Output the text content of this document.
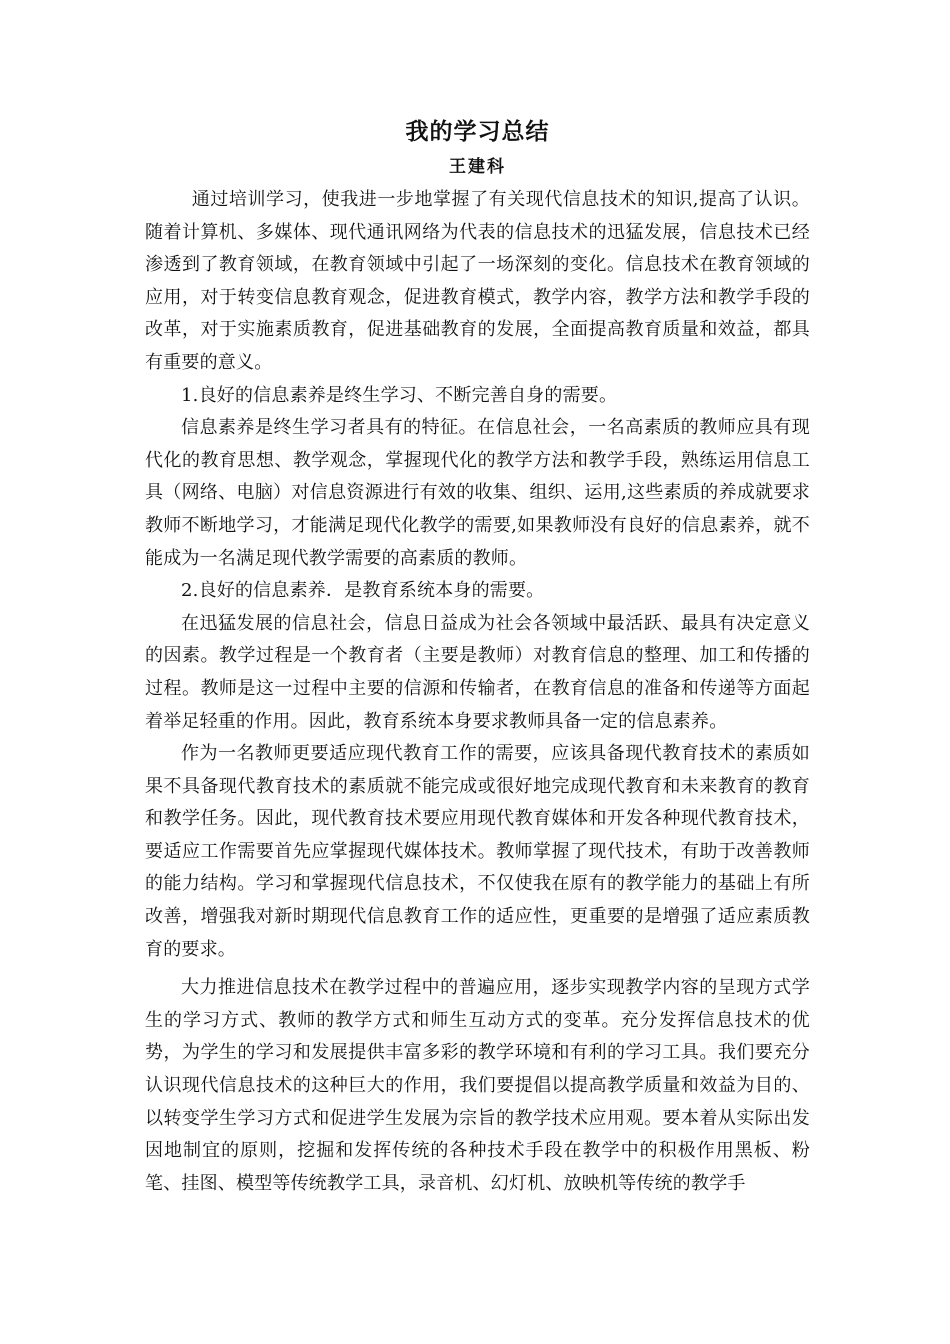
我的学习总结
王建科

通过培训学习，使我进一步地掌握了有关现代信息技术的知识,提高了认识。随着计算机、多媒体、现代通讯网络为代表的信息技术的迅猛发展，信息技术已经渗透到了教育领域，在教育领域中引起了一场深刻的变化。信息技术在教育领域的应用，对于转变信息教育观念，促进教育模式，教学内容，教学方法和教学手段的改革，对于实施素质教育，促进基础教育的发展，全面提高教育质量和效益，都具有重要的意义。

1.良好的信息素养是终生学习、不断完善自身的需要。

信息素养是终生学习者具有的特征。在信息社会，一名高素质的教师应具有现代化的教育思想、教学观念，掌握现代化的教学方法和教学手段，熟练运用信息工具（网络、电脑）对信息资源进行有效的收集、组织、运用,这些素质的养成就要求教师不断地学习，才能满足现代化教学的需要,如果教师没有良好的信息素养，就不能成为一名满足现代教学需要的高素质的教师。

2.良好的信息素养．是教育系统本身的需要。

在迅猛发展的信息社会，信息日益成为社会各领域中最活跃、最具有决定意义的因素。教学过程是一个教育者（主要是教师）对教育信息的整理、加工和传播的过程。教师是这一过程中主要的信源和传输者，在教育信息的准备和传递等方面起着举足轻重的作用。因此，教育系统本身要求教师具备一定的信息素养。

作为一名教师更要适应现代教育工作的需要，应该具备现代教育技术的素质如果不具备现代教育技术的素质就不能完成或很好地完成现代教育和未来教育的教育和教学任务。因此，现代教育技术要应用现代教育媒体和开发各种现代教育技术，要适应工作需要首先应掌握现代媒体技术。教师掌握了现代技术，有助于改善教师的能力结构。学习和掌握现代信息技术，不仅使我在原有的教学能力的基础上有所改善，增强我对新时期现代信息教育工作的适应性，更重要的是增强了适应素质教育的要求。

大力推进信息技术在教学过程中的普遍应用，逐步实现教学内容的呈现方式学生的学习方式、教师的教学方式和师生互动方式的变革。充分发挥信息技术的优势，为学生的学习和发展提供丰富多彩的教学环境和有利的学习工具。我们要充分认识现代信息技术的这种巨大的作用，我们要提倡以提高教学质量和效益为目的、以转变学生学习方式和促进学生发展为宗旨的教学技术应用观。要本着从实际出发因地制宜的原则，挖掘和发挥传统的各种技术手段在教学中的积极作用黑板、粉笔、挂图、模型等传统教学工具，录音机、幻灯机、放映机等传统的教学手
